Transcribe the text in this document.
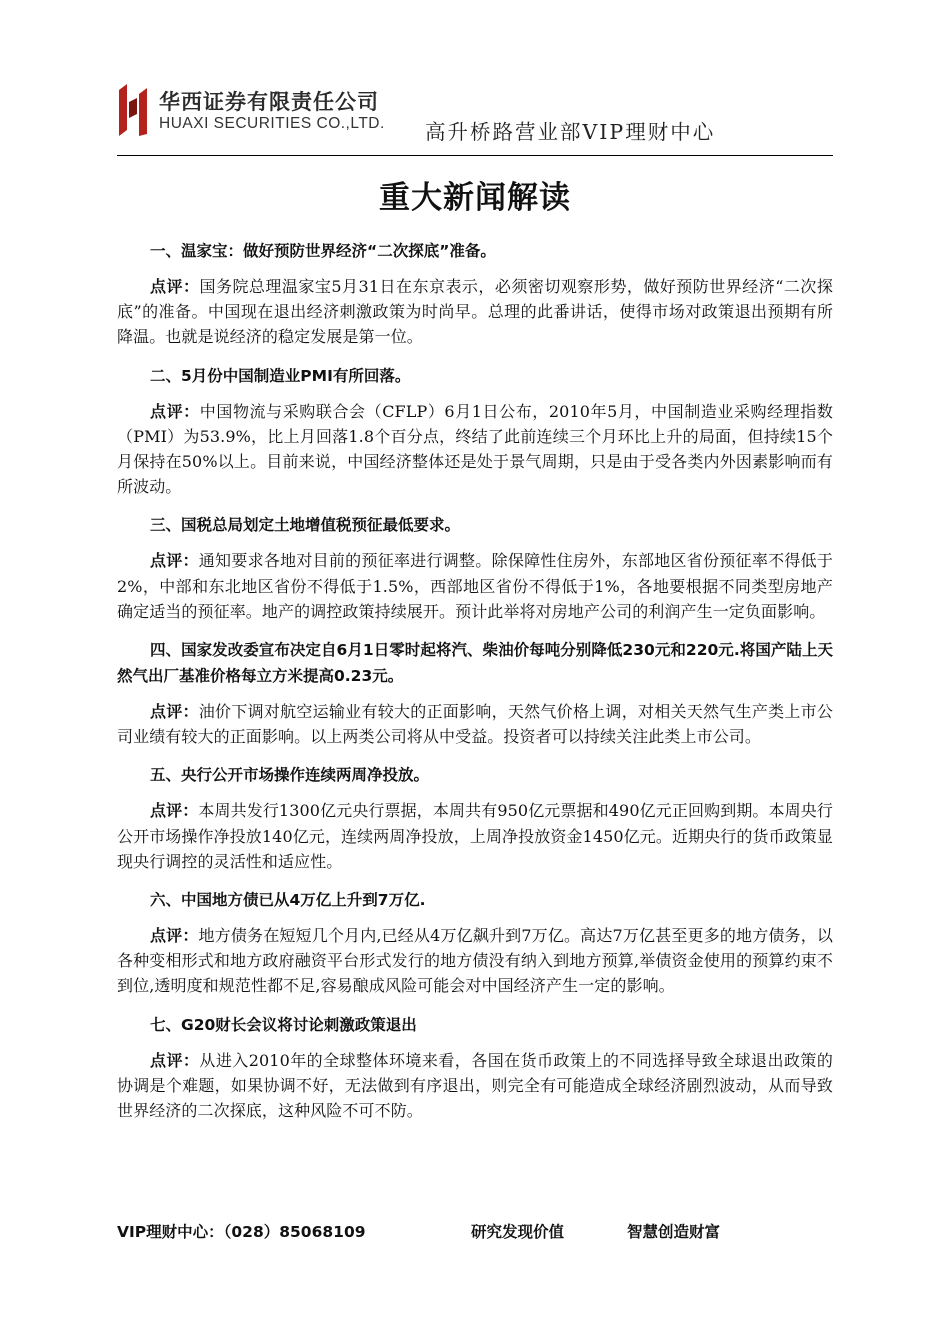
华西证券有限责任公司
HUAXI SECURITIES CO.,LTD. 高升桥路营业部VIP理财中心
重大新闻解读
一、温家宝：做好预防世界经济“二次探底”准备。
点评：国务院总理温家宝5月31日在东京表示，必须密切观察形势，做好预防世界经济“二次探底”的准备。中国现在退出经济刺激政策为时尚早。总理的此番讲话，使得市场对政策退出预期有所降温。也就是说经济的稳定发展是第一位。
二、5月份中国制造业PMI有所回落。
点评：中国物流与采购联合会（CFLP）6月1日公布，2010年5月，中国制造业采购经理指数（PMI）为53.9%，比上月回落1.8个百分点，终结了此前连续三个月环比上升的局面，但持续15个月保持在50%以上。目前来说，中国经济整体还是处于景气周期，只是由于受各类内外因素影响而有所波动。
三、国税总局划定土地增值税预征最低要求。
点评：通知要求各地对目前的预征率进行调整。除保障性住房外，东部地区省份预征率不得低于2%，中部和东北地区省份不得低于1.5%，西部地区省份不得低于1%，各地要根据不同类型房地产确定适当的预征率。地产的调控政策持续展开。预计此举将对房地产公司的利润产生一定负面影响。
四、国家发改委宣布决定自6月1日零时起将汽、柴油价每吨分别降低230元和220元.将国产陆上天然气出厂基准价格每立方米提高0.23元。
点评：油价下调对航空运输业有较大的正面影响，天然气价格上调，对相关天然气生产类上市公司业绩有较大的正面影响。以上两类公司将从中受益。投资者可以持续关注此类上市公司。
五、央行公开市场操作连续两周净投放。
点评：本周共发行1300亿元央行票据，本周共有950亿元票据和490亿元正回购到期。本周央行公开市场操作净投放140亿元，连续两周净投放，上周净投放资金1450亿元。近期央行的货币政策显现央行调控的灵活性和适应性。
六、中国地方债已从4万亿上升到7万亿.
点评：地方债务在短短几个月内,已经从4万亿飙升到7万亿。高达7万亿甚至更多的地方债务，以各种变相形式和地方政府融资平台形式发行的地方债没有纳入到地方预算,举债资金使用的预算约束不到位,透明度和规范性都不足,容易酿成风险可能会对中国经济产生一定的影响。
七、G20财长会议将讨论刺激政策退出
点评：从进入2010年的全球整体环境来看，各国在货币政策上的不同选择导致全球退出政策的协调是个难题，如果协调不好，无法做到有序退出，则完全有可能造成全球经济剧烈波动，从而导致世界经济的二次探底，这种风险不可不防。
VIP理财中心：（028）85068109	研究发现价值	智慧创造财富
